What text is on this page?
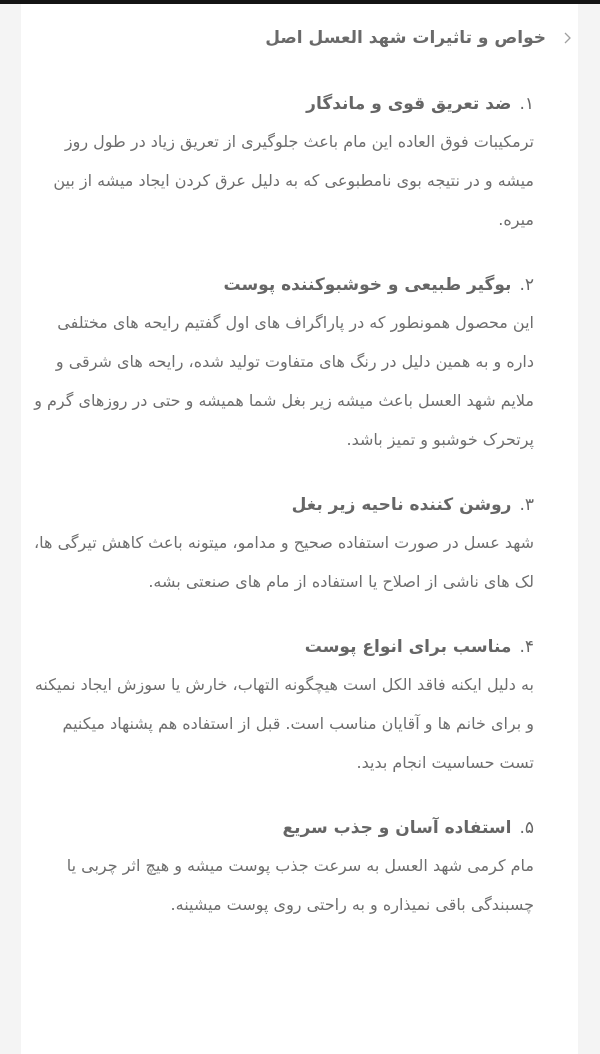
خواص و تاثیرات شهد العسل اصل
۱.ضد تعریق قوی و ماندگار
ترمکیبات فوق العاده این مام باعث جلوگیری از تعریق زیاد در طول روز میشه و در نتیجه بوی نامطبوعی که به دلیل عرق کردن ایجاد میشه از بین میره.
۲.بوگیر طبیعی و خوشبوکننده پوست
این محصول همونطور که در پاراگراف های اول گفتیم رایحه های مختلفی داره و به همین دلیل در رنگ های متفاوت تولید شده، رایحه های شرقی و ملایم شهد العسل باعث میشه زیر بغل شما همیشه و حتی در روزهای گرم و پرتحرک خوشبو و تمیز باشد.
۳.روشن کننده ناحیه زیر بغل
شهد عسل در صورت استفاده صحیح و مدامو، میتونه باعث کاهش تیرگی ها، لک های ناشی از اصلاح یا استفاده از مام های صنعتی بشه.
۴.مناسب برای انواع پوست
به دلیل ایکنه فاقد الکل است هیچگونه التهاب، خارش یا سوزش ایجاد نمیکنه و برای خانم ها و آقایان مناسب است. قبل از استفاده هم پشنهاد میکنیم تست حساسیت انجام بدید.
۵.استفاده آسان و جذب سریع
مام کرمی شهد العسل به سرعت جذب پوست میشه و هیچ اثر چربی یا چسبندگی باقی نمیذاره و به راحتی روی پوست میشینه.
